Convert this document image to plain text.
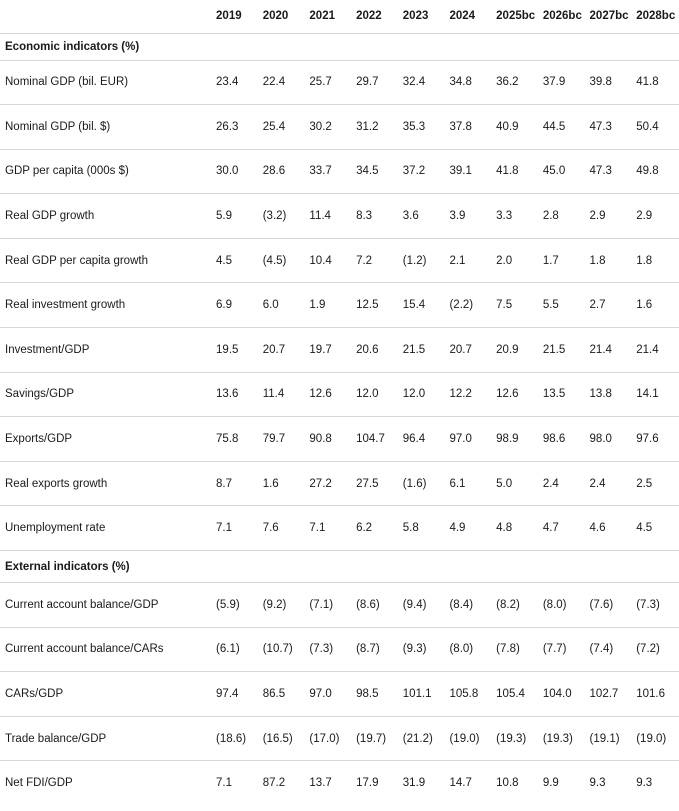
	2019	2020	2021	2022	2023	2024	2025bc	2026bc	2027bc	2028bc
Economic indicators (%)										
Nominal GDP (bil. EUR)	23.4	22.4	25.7	29.7	32.4	34.8	36.2	37.9	39.8	41.8
Nominal GDP (bil. $)	26.3	25.4	30.2	31.2	35.3	37.8	40.9	44.5	47.3	50.4
GDP per capita (000s $)	30.0	28.6	33.7	34.5	37.2	39.1	41.8	45.0	47.3	49.8
Real GDP growth	5.9	(3.2)	11.4	8.3	3.6	3.9	3.3	2.8	2.9	2.9
Real GDP per capita growth	4.5	(4.5)	10.4	7.2	(1.2)	2.1	2.0	1.7	1.8	1.8
Real investment growth	6.9	6.0	1.9	12.5	15.4	(2.2)	7.5	5.5	2.7	1.6
Investment/GDP	19.5	20.7	19.7	20.6	21.5	20.7	20.9	21.5	21.4	21.4
Savings/GDP	13.6	11.4	12.6	12.0	12.0	12.2	12.6	13.5	13.8	14.1
Exports/GDP	75.8	79.7	90.8	104.7	96.4	97.0	98.9	98.6	98.0	97.6
Real exports growth	8.7	1.6	27.2	27.5	(1.6)	6.1	5.0	2.4	2.4	2.5
Unemployment rate	7.1	7.6	7.1	6.2	5.8	4.9	4.8	4.7	4.6	4.5
External indicators (%)										
Current account balance/GDP	(5.9)	(9.2)	(7.1)	(8.6)	(9.4)	(8.4)	(8.2)	(8.0)	(7.6)	(7.3)
Current account balance/CARs	(6.1)	(10.7)	(7.3)	(8.7)	(9.3)	(8.0)	(7.8)	(7.7)	(7.4)	(7.2)
CARs/GDP	97.4	86.5	97.0	98.5	101.1	105.8	105.4	104.0	102.7	101.6
Trade balance/GDP	(18.6)	(16.5)	(17.0)	(19.7)	(21.2)	(19.0)	(19.3)	(19.3)	(19.1)	(19.0)
Net FDI/GDP	7.1	87.2	13.7	17.9	31.9	14.7	10.8	9.9	9.3	9.3
